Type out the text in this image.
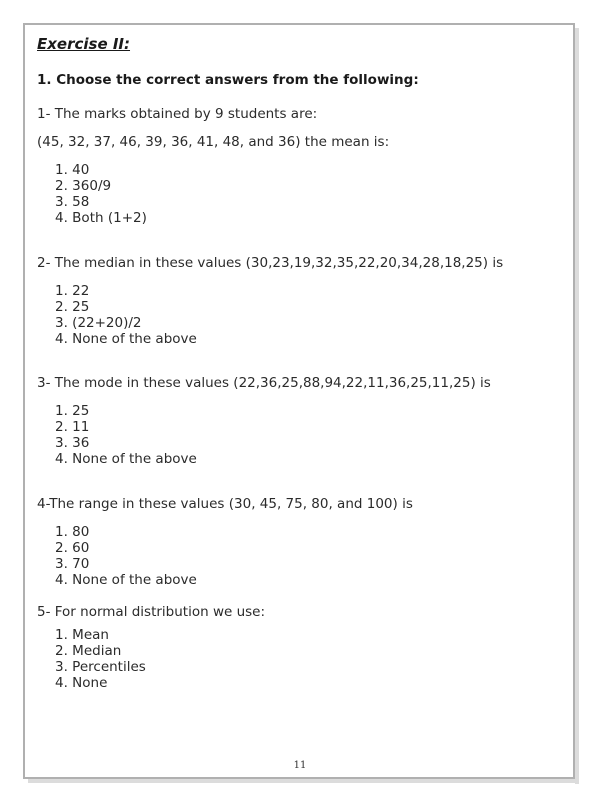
Exercise II:
1. Choose the correct answers from the following:
1- The marks obtained by 9 students are:
(45, 32, 37, 46, 39, 36, 41, 48, and 36) the mean is:
1. 40
2. 360/9
3. 58
4. Both (1+2)
2- The median in these values (30,23,19,32,35,22,20,34,28,18,25) is
1. 22
2. 25
3. (22+20)/2
4. None of the above
3- The mode in these values (22,36,25,88,94,22,11,36,25,11,25) is
1. 25
2. 11
3. 36
4. None of the above
4-The range in these values (30, 45, 75, 80, and 100) is
1. 80
2. 60
3. 70
4. None of the above
5- For normal distribution we use:
1. Mean
2. Median
3. Percentiles
4. None
11
